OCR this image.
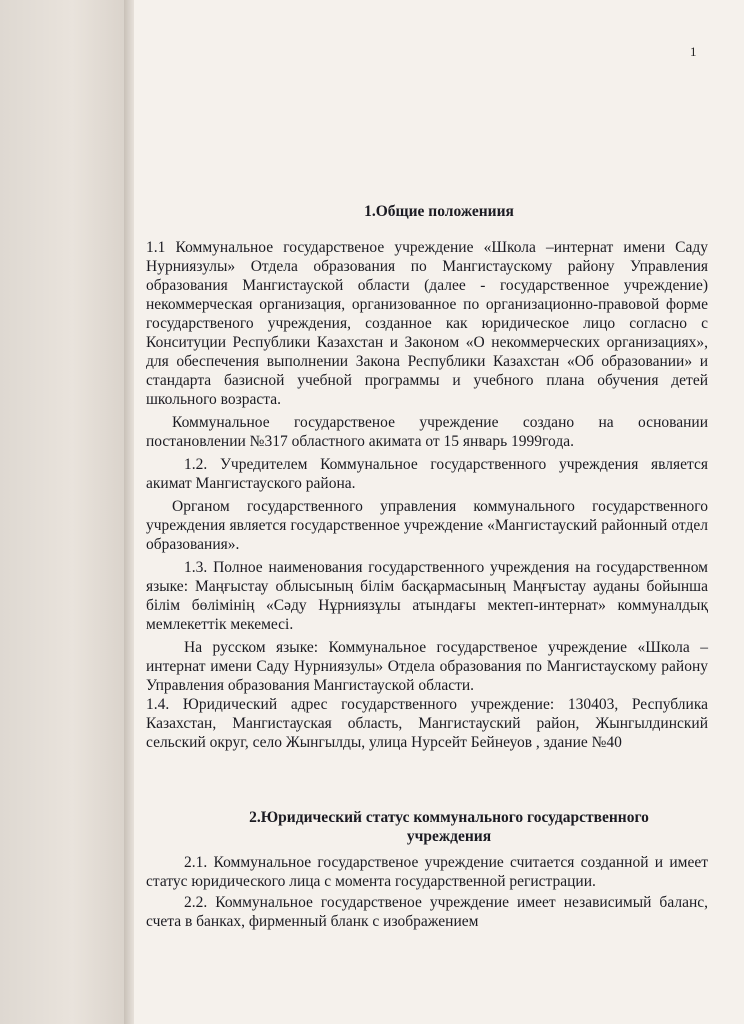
1
1.Общие положениия

1.1 Коммунальное государственое учреждение «Школа –интернат имени Саду Нурниязулы» Отдела образования по Мангистаускому району Управления образования Мангистауской области (далее - государственное учреждение) некоммерческая организация, организованное по организационно-правовой форме государственого учреждения, созданное как юридическое лицо согласно с Конситуции Республики Казахстан и Законом «О некоммерческих организациях», для обеспечения выполнении Закона Республики Казахстан «Об образовании» и стандарта базисной учебной программы и учебного плана обучения детей школьного возраста.

Коммунальное государственое учреждение создано на основании постановлении №317 областного акимата от 15 январь 1999года.

1.2. Учредителем Коммунальное государственного учреждения является акимат Мангистауского района.

Органом государственного управления коммунального государственного учреждения является государственное учреждение «Мангистауский районный отдел образования».

1.3. Полное наименования государственного учреждения на государственном языке: Маңғыстау облысының білім басқармасының Маңғыстау ауданы бойынша білім бөлімінің «Сәду Нұрниязұлы атындағы мектеп-интернат» коммуналдық мемлекеттік мекемесі.

На русском языке: Коммунальное государственое учреждение «Школа –интернат имени Саду Нурниязулы» Отдела образования по Мангистаускому району Управления образования Мангистауской области.

1.4. Юридический адрес государственного учреждение: 130403, Республика Казахстан, Мангистауская область, Мангистауский район, Жынгылдинский сельский округ, село Жынгылды, улица Нурсейт Бейнеуов , здание №40

2.Юридический статус коммунального государственного учреждения

2.1. Коммунальное государственое учреждение считается созданной и имеет статус юридического лица с момента государственной регистрации.

2.2. Коммунальное государственое учреждение имеет независимый баланс, счета в банках, фирменный бланк с изображением
